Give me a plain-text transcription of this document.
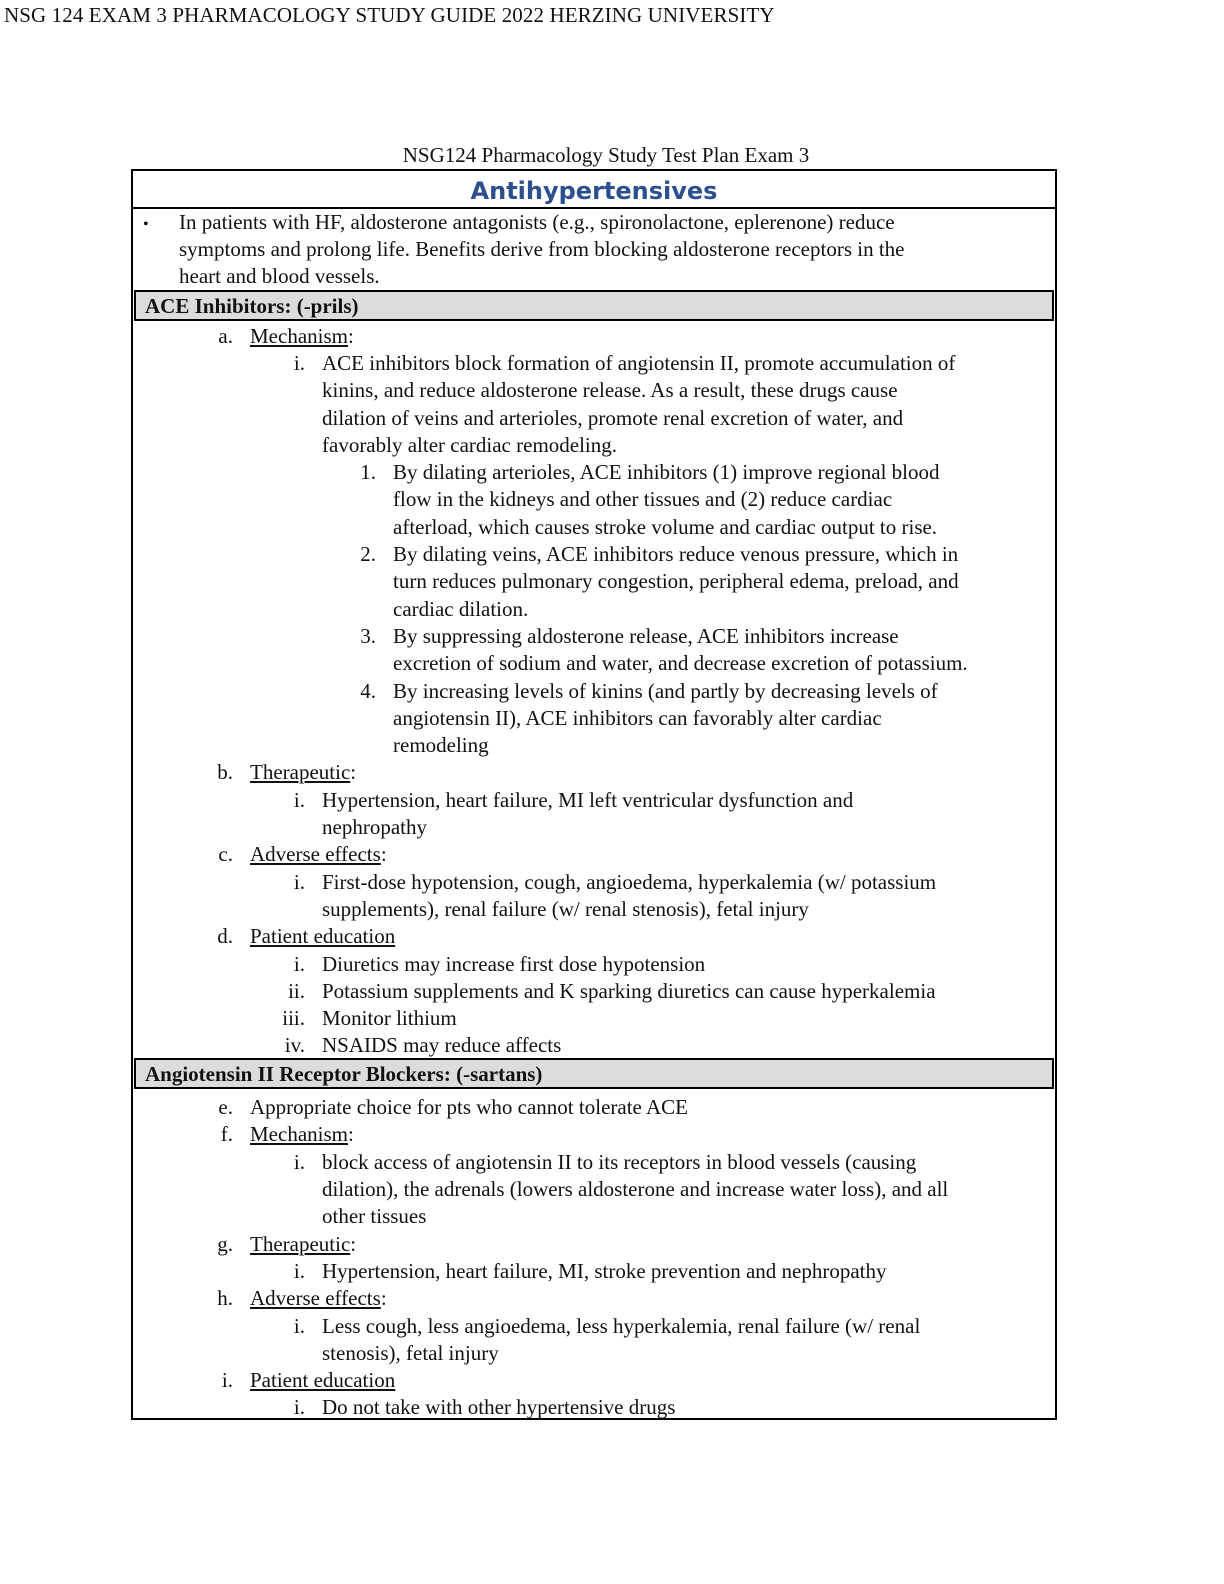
NSG 124 EXAM 3 PHARMACOLOGY STUDY GUIDE 2022 HERZING UNIVERSITY
NSG124 Pharmacology Study Test Plan Exam 3
Antihypertensives
• In patients with HF, aldosterone antagonists (e.g., spironolactone, eplerenone) reduce
symptoms and prolong life. Benefits derive from blocking aldosterone receptors in the
heart and blood vessels.
ACE Inhibitors: (-prils)
a. Mechanism:
i. ACE inhibitors block formation of angiotensin II, promote accumulation of
kinins, and reduce aldosterone release. As a result, these drugs cause
dilation of veins and arterioles, promote renal excretion of water, and
favorably alter cardiac remodeling.
1. By dilating arterioles, ACE inhibitors (1) improve regional blood
flow in the kidneys and other tissues and (2) reduce cardiac
afterload, which causes stroke volume and cardiac output to rise.
2. By dilating veins, ACE inhibitors reduce venous pressure, which in
turn reduces pulmonary congestion, peripheral edema, preload, and
cardiac dilation.
3. By suppressing aldosterone release, ACE inhibitors increase
excretion of sodium and water, and decrease excretion of potassium.
4. By increasing levels of kinins (and partly by decreasing levels of
angiotensin II), ACE inhibitors can favorably alter cardiac
remodeling
b. Therapeutic:
i. Hypertension, heart failure, MI left ventricular dysfunction and
nephropathy
c. Adverse effects:
i. First-dose hypotension, cough, angioedema, hyperkalemia (w/ potassium
supplements), renal failure (w/ renal stenosis), fetal injury
d. Patient education
i. Diuretics may increase first dose hypotension
ii. Potassium supplements and K sparking diuretics can cause hyperkalemia
iii. Monitor lithium
iv. NSAIDS may reduce affects
Angiotensin II Receptor Blockers: (-sartans)
e. Appropriate choice for pts who cannot tolerate ACE
f. Mechanism:
i. block access of angiotensin II to its receptors in blood vessels (causing
dilation), the adrenals (lowers aldosterone and increase water loss), and all
other tissues
g. Therapeutic:
i. Hypertension, heart failure, MI, stroke prevention and nephropathy
h. Adverse effects:
i. Less cough, less angioedema, less hyperkalemia, renal failure (w/ renal
stenosis), fetal injury
i. Patient education
i. Do not take with other hypertensive drugs
